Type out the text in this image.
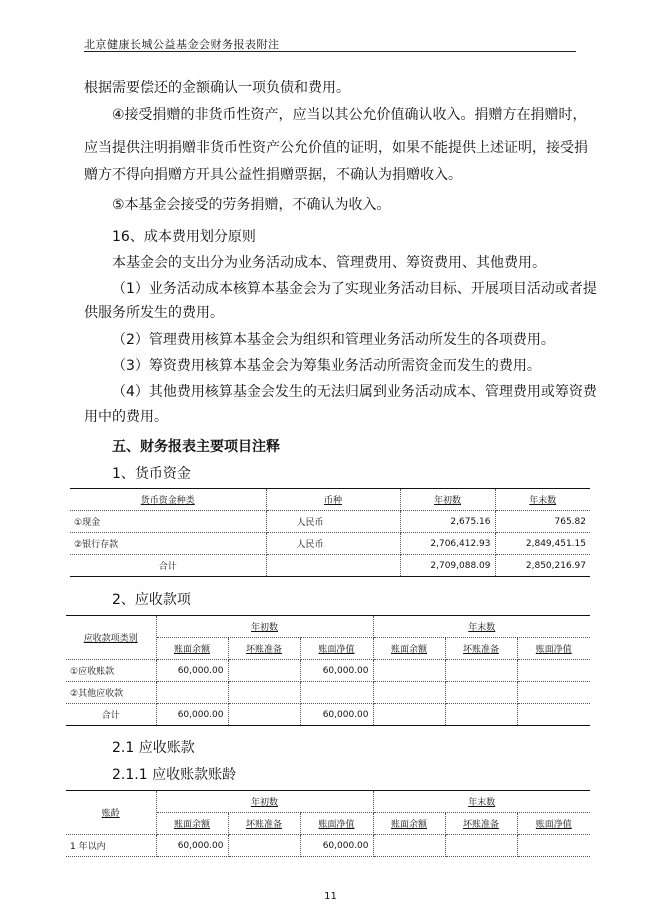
北京健康长城公益基金会财务报表附注
根据需要偿还的金额确认一项负债和费用。
④接受捐赠的非货币性资产，应当以其公允价值确认收入。捐赠方在捐赠时，
应当提供注明捐赠非货币性资产公允价值的证明，如果不能提供上述证明，接受捐
赠方不得向捐赠方开具公益性捐赠票据，不确认为捐赠收入。
⑤本基金会接受的劳务捐赠，不确认为收入。
16、成本费用划分原则
本基金会的支出分为业务活动成本、管理费用、筹资费用、其他费用。
（1）业务活动成本核算本基金会为了实现业务活动目标、开展项目活动或者提
供服务所发生的费用。
（2）管理费用核算本基金会为组织和管理业务活动所发生的各项费用。
（3）筹资费用核算本基金会为筹集业务活动所需资金而发生的费用。
（4）其他费用核算基金会发生的无法归属到业务活动成本、管理费用或筹资费
用中的费用。
五、财务报表主要项目注释
1、货币资金
货币资金种类	币种	年初数	年末数
①现金	人民币	2,675.16	765.82
②银行存款	人民币	2,706,412.93	2,849,451.15
合计		2,709,088.09	2,850,216.97
2、应收款项
应收款项类别	年初数			年末数		
	账面余额	坏账准备	账面净值	账面余额	坏账准备	账面净值
①应收账款	60,000.00		60,000.00			
②其他应收款						
合计	60,000.00		60,000.00			
2.1 应收账款
2.1.1 应收账款账龄
账龄	年初数			年末数		
	账面余额	坏账准备	账面净值	账面余额	坏账准备	账面净值
1 年以内	60,000.00		60,000.00			
11
